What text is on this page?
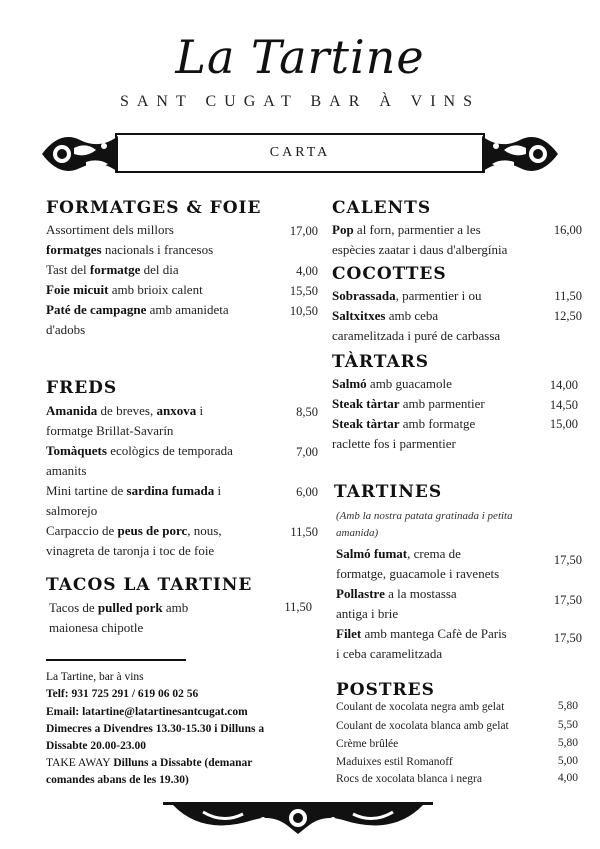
La Tartine
SANT CUGAT BAR À VINS
CARTA
FORMATGES & FOIE
Assortiment dels millors	17,00
formatges nacionals i francesos
Tast del formatge del dia	4,00
Foie micuit amb brioix calent	15,50
Paté de campagne amb amanideta	10,50
d'adobs
FREDS
Amanida de breves, anxova i	8,50
formatge Brillat-Savarín
Tomàquets ecològics de temporada	7,00
amanits
Mini tartine de sardina fumada i	6,00
salmorejo
Carpaccio de peus de porc, nous,	11,50
vinagreta de taronja i toc de foie
TACOS LA TARTINE
Tacos de pulled pork amb	11,50
maionesa chipotle
La Tartine, bar à vins
Telf: 931 725 291 / 619 06 02 56
Email: latartine@latartinesantcugat.com
Dimecres a Divendres 13.30-15.30 i Dilluns a
Dissabte 20.00-23.00
TAKE AWAY Dilluns a Dissabte (demanar
comandes abans de les 19.30)
CALENTS
Pop al forn, parmentier a les	16,00
espècies zaatar i daus d'albergínia
COCOTTES
Sobrassada, parmentier i ou	11,50
Saltxitxes amb ceba	12,50
caramelitzada i puré de carbassa
TÀRTARS
Salmó amb guacamole	14,00
Steak tàrtar amb parmentier	14,50
Steak tàrtar amb formatge	15,00
raclette fos i parmentier
TARTINES
(Amb la nostra patata gratinada i petita
amanida)
Salmó fumat, crema de
formatge, guacamole i ravenets
17,50
Pollastre a la mostassa
antiga i brie
17,50
Filet amb mantega Cafè de Paris
i ceba caramelitzada
17,50
POSTRES
Coulant de xocolata negra amb gelat	5,80
Coulant de xocolata blanca amb gelat	5,50
Crème brûlée	5,80
Maduixes estil Romanoff	5,00
Rocs de xocolata blanca i negra	4,00
